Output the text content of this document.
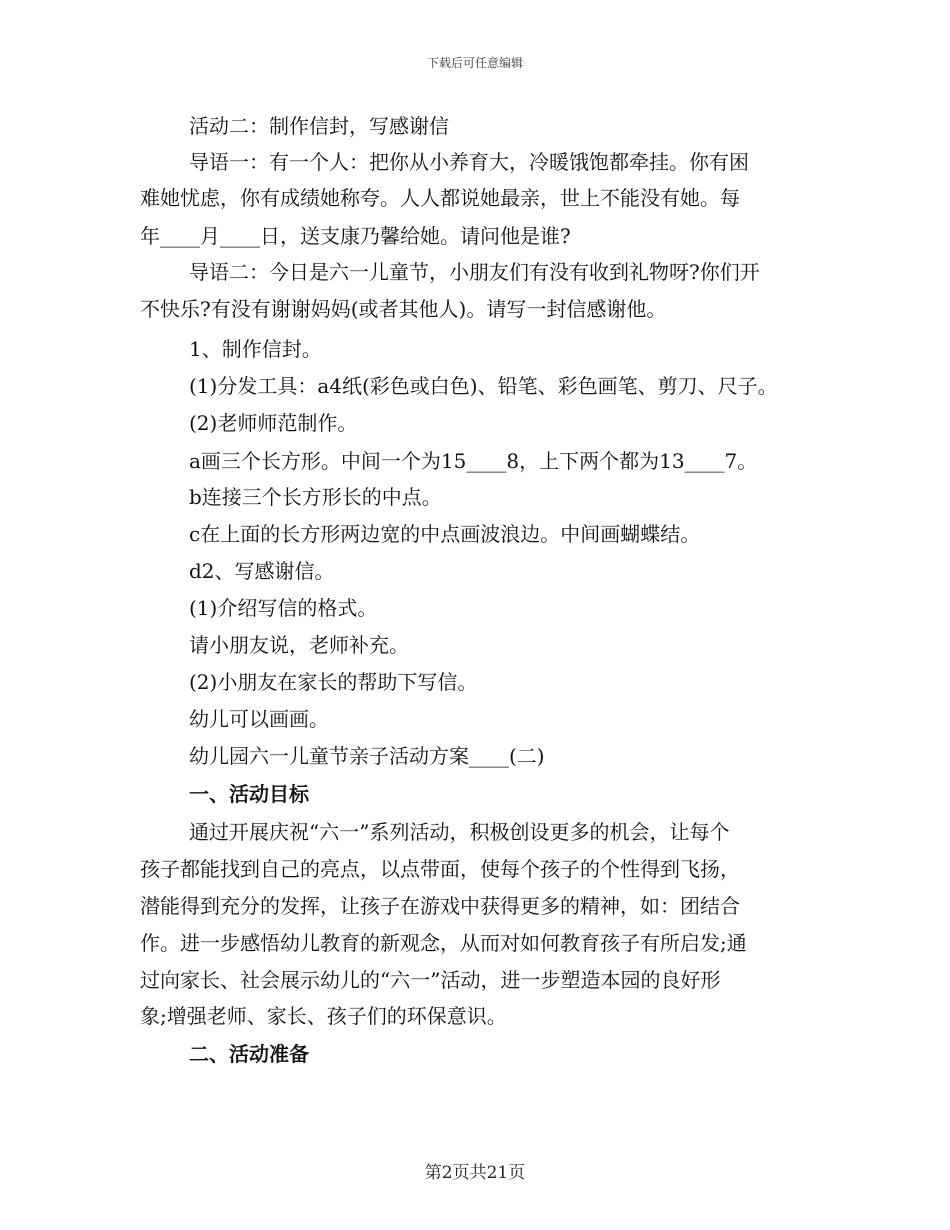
下载后可任意编辑
活动二：制作信封，写感谢信
导语一：有一个人：把你从小养育大，冷暖饿饱都牵挂。你有困
难她忧虑，你有成绩她称夸。人人都说她最亲，世上不能没有她。每
年____月____日，送支康乃馨给她。请问他是谁?
导语二：今日是六一儿童节，小朋友们有没有收到礼物呀?你们开
不快乐?有没有谢谢妈妈(或者其他人)。请写一封信感谢他。
1、制作信封。
(1)分发工具：a4纸(彩色或白色)、铅笔、彩色画笔、剪刀、尺子。
(2)老师师范制作。
a画三个长方形。中间一个为15____8，上下两个都为13____7。
b连接三个长方形长的中点。
c在上面的长方形两边宽的中点画波浪边。中间画蝴蝶结。
d2、写感谢信。
(1)介绍写信的格式。
请小朋友说，老师补充。
(2)小朋友在家长的帮助下写信。
幼儿可以画画。
幼儿园六一儿童节亲子活动方案____(二)
一、活动目标
通过开展庆祝“六一”系列活动，积极创设更多的机会，让每个
孩子都能找到自己的亮点，以点带面，使每个孩子的个性得到飞扬，
潜能得到充分的发挥，让孩子在游戏中获得更多的精神，如：团结合
作。进一步感悟幼儿教育的新观念，从而对如何教育孩子有所启发;通
过向家长、社会展示幼儿的“六一”活动，进一步塑造本园的良好形
象;增强老师、家长、孩子们的环保意识。
二、活动准备
第2页共21页
